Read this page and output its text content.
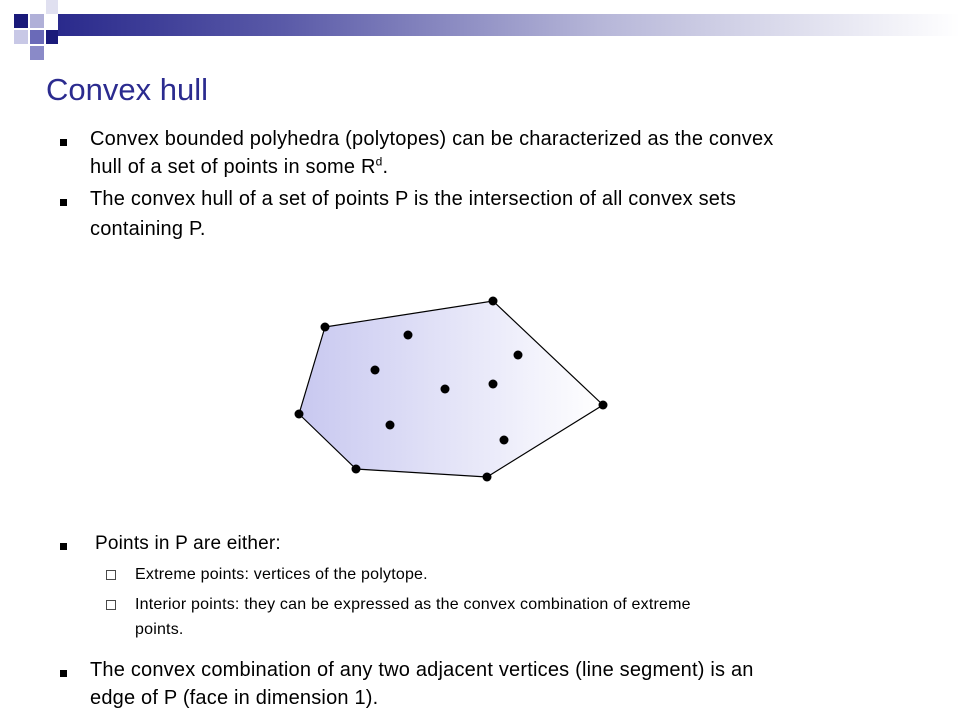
Convex hull
Convex bounded polyhedra (polytopes) can be characterized as the convex
hull of a set of points in some $R^d$.
The convex hull of a set of points P is the intersection of all convex sets
containing P.
Points in P are either:
Extreme points: vertices of the polytope.
Interior points: they can be expressed as the convex combination of extreme
points.
The convex combination of any two adjacent vertices (line segment) is an
edge of P (face in dimension 1).
